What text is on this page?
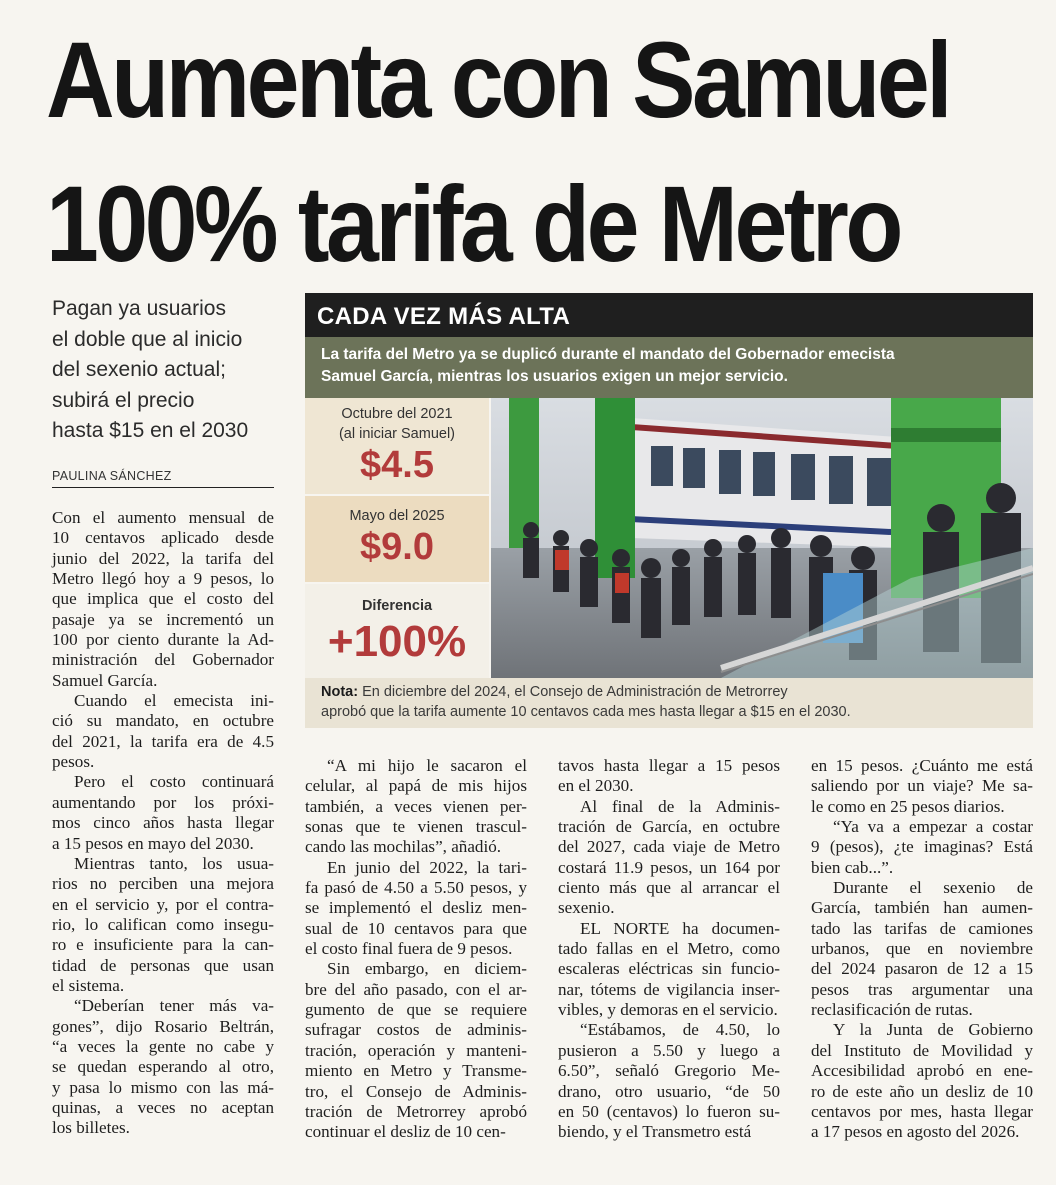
Aumenta con Samuel
100% tarifa de Metro
Pagan ya usuarios
el doble que al inicio
del sexenio actual;
subirá el precio
hasta $15 en el 2030
PAULINA SÁNCHEZ
CADA VEZ MÁS ALTA
La tarifa del Metro ya se duplicó durante el mandato del Gobernador emecista
Samuel García, mientras los usuarios exigen un mejor servicio.
Octubre del 2021
(al iniciar Samuel)
$4.5
Mayo del 2025
$9.0
Diferencia
+100%
Nota: En diciembre del 2024, el Consejo de Administración de Metrorrey
aprobó que la tarifa aumente 10 centavos cada mes hasta llegar a $15 en el 2030.

Con el aumento mensual de
10 centavos aplicado desde
junio del 2022, la tarifa del
Metro llegó hoy a 9 pesos, lo
que implica que el costo del
pasaje ya se incrementó un
100 por ciento durante la Ad-
ministración del Gobernador
Samuel García.

Cuando el emecista ini-
ció su mandato, en octubre
del 2021, la tarifa era de 4.5
pesos.

Pero el costo continuará
aumentando por los próxi-
mos cinco años hasta llegar
a 15 pesos en mayo del 2030.

Mientras tanto, los usua-
rios no perciben una mejora
en el servicio y, por el contra-
rio, lo califican como insegu-
ro e insuficiente para la can-
tidad de personas que usan
el sistema.

“Deberían tener más va-
gones”, dijo Rosario Beltrán,
“a veces la gente no cabe y
se quedan esperando al otro,
y pasa lo mismo con las má-
quinas, a veces no aceptan
los billetes.

“A mi hijo le sacaron el
celular, al papá de mis hijos
también, a veces vienen per-
sonas que te vienen trascul-
cando las mochilas”, añadió.

En junio del 2022, la tari-
fa pasó de 4.50 a 5.50 pesos, y
se implementó el desliz men-
sual de 10 centavos para que
el costo final fuera de 9 pesos.

Sin embargo, en diciem-
bre del año pasado, con el ar-
gumento de que se requiere
sufragar costos de adminis-
tración, operación y manteni-
miento en Metro y Transme-
tro, el Consejo de Adminis-
tración de Metrorrey aprobó
continuar el desliz de 10 cen-

tavos hasta llegar a 15 pesos
en el 2030.

Al final de la Adminis-
tración de García, en octubre
del 2027, cada viaje de Metro
costará 11.9 pesos, un 164 por
ciento más que al arrancar el
sexenio.

EL NORTE ha documen-
tado fallas en el Metro, como
escaleras eléctricas sin funcio-
nar, tótems de vigilancia inser-
vibles, y demoras en el servicio.

“Estábamos, de 4.50, lo
pusieron a 5.50 y luego a
6.50”, señaló Gregorio Me-
drano, otro usuario, “de 50
en 50 (centavos) lo fueron su-
biendo, y el Transmetro está

en 15 pesos. ¿Cuánto me está
saliendo por un viaje? Me sa-
le como en 25 pesos diarios.

“Ya va a empezar a costar
9 (pesos), ¿te imaginas? Está
bien cab...”.

Durante el sexenio de
García, también han aumen-
tado las tarifas de camiones
urbanos, que en noviembre
del 2024 pasaron de 12 a 15
pesos tras argumentar una
reclasificación de rutas.

Y la Junta de Gobierno
del Instituto de Movilidad y
Accesibilidad aprobó en ene-
ro de este año un desliz de 10
centavos por mes, hasta llegar
a 17 pesos en agosto del 2026.
